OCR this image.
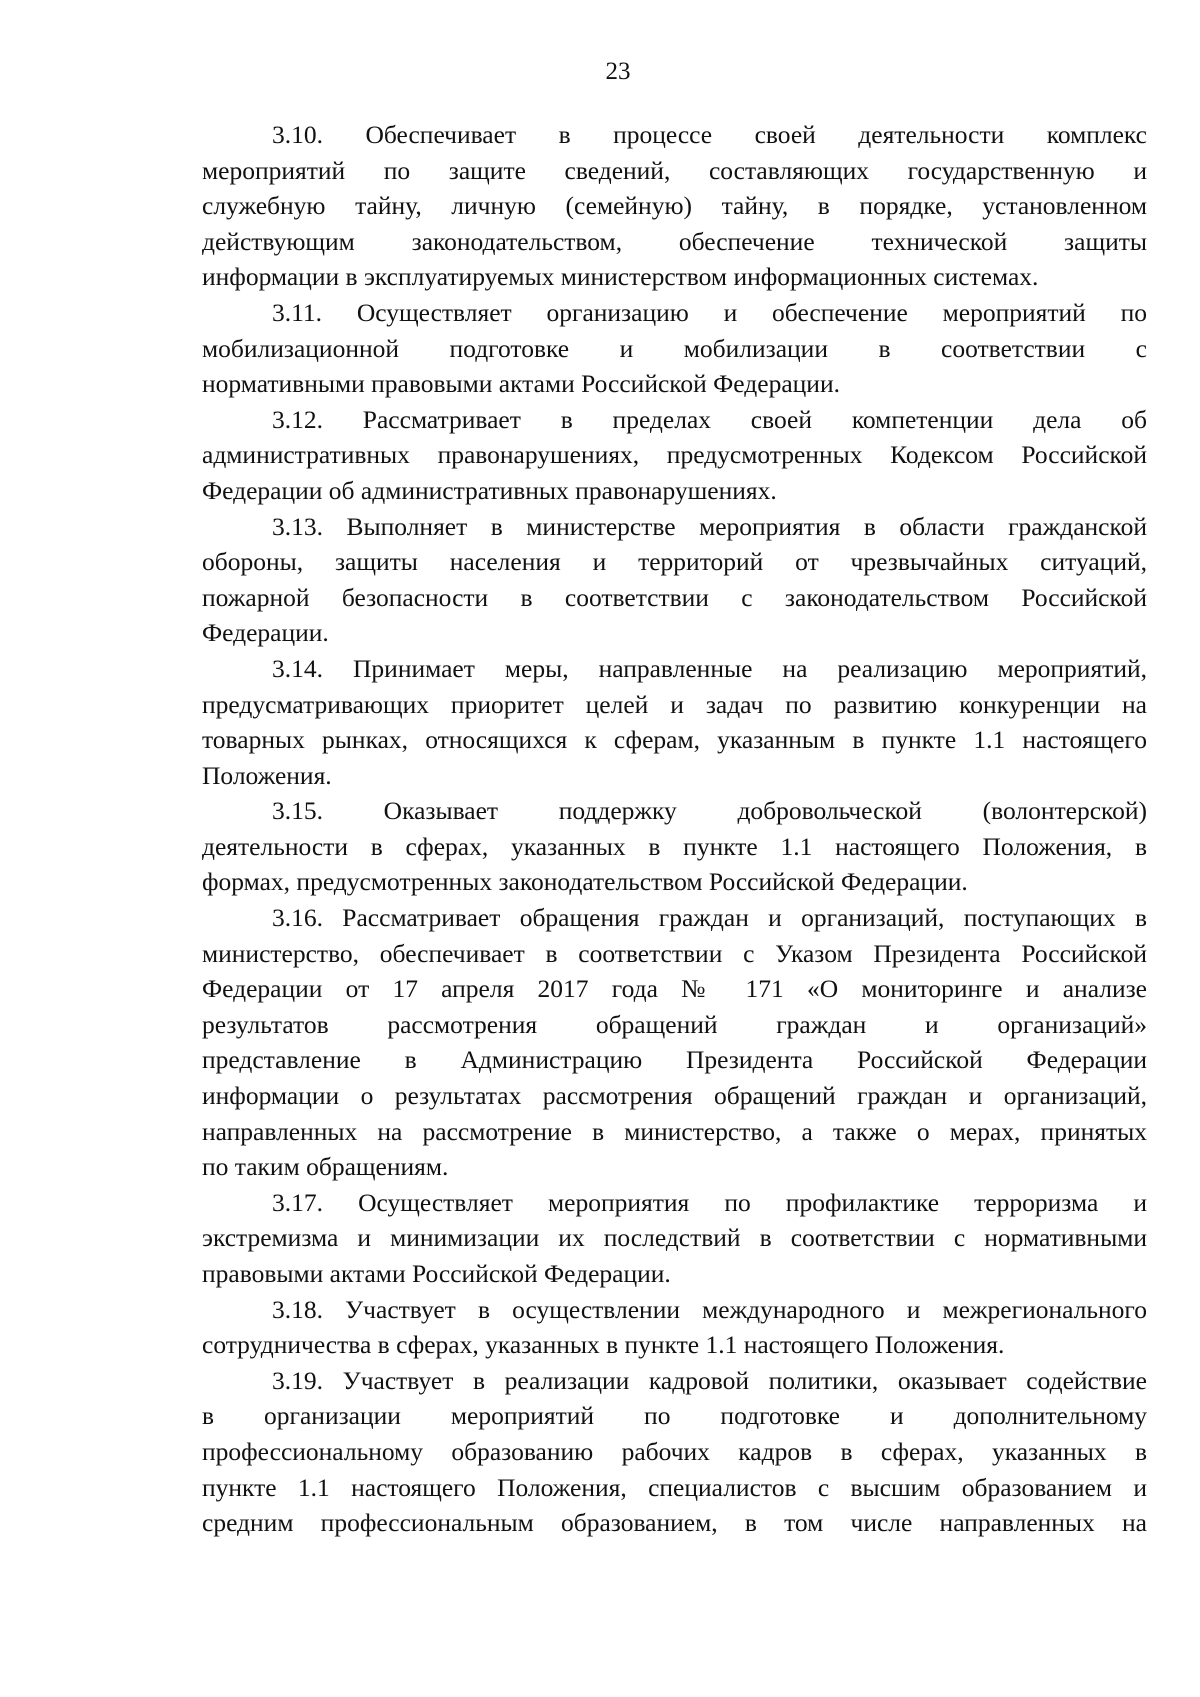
23
3.10. Обеспечивает в процессе своей деятельности комплекс
мероприятий по защите сведений, составляющих государственную и
служебную тайну, личную (семейную) тайну, в порядке, установленном
действующим законодательством, обеспечение технической защиты
информации в эксплуатируемых министерством информационных системах.
3.11. Осуществляет организацию и обеспечение мероприятий по
мобилизационной подготовке и мобилизации в соответствии с
нормативными правовыми актами Российской Федерации.
3.12. Рассматривает в пределах своей компетенции дела об
административных правонарушениях, предусмотренных Кодексом Российской
Федерации об административных правонарушениях.
3.13. Выполняет в министерстве мероприятия в области гражданской
обороны, защиты населения и территорий от чрезвычайных ситуаций,
пожарной безопасности в соответствии с законодательством Российской
Федерации.
3.14. Принимает меры, направленные на реализацию мероприятий,
предусматривающих приоритет целей и задач по развитию конкуренции на
товарных рынках, относящихся к сферам, указанным в пункте 1.1 настоящего
Положения.
3.15. Оказывает поддержку добровольческой (волонтерской)
деятельности в сферах, указанных в пункте 1.1 настоящего Положения, в
формах, предусмотренных законодательством Российской Федерации.
3.16. Рассматривает обращения граждан и организаций, поступающих в
министерство, обеспечивает в соответствии с Указом Президента Российской
Федерации от 17 апреля 2017 года № 171 «О мониторинге и анализе
результатов рассмотрения обращений граждан и организаций»
представление в Администрацию Президента Российской Федерации
информации о результатах рассмотрения обращений граждан и организаций,
направленных на рассмотрение в министерство, а также о мерах, принятых
по таким обращениям.
3.17. Осуществляет мероприятия по профилактике терроризма и
экстремизма и минимизации их последствий в соответствии с нормативными
правовыми актами Российской Федерации.
3.18. Участвует в осуществлении международного и межрегионального
сотрудничества в сферах, указанных в пункте 1.1 настоящего Положения.
3.19. Участвует в реализации кадровой политики, оказывает содействие
в организации мероприятий по подготовке и дополнительному
профессиональному образованию рабочих кадров в сферах, указанных в
пункте 1.1 настоящего Положения, специалистов с высшим образованием и
средним профессиональным образованием, в том числе направленных на
